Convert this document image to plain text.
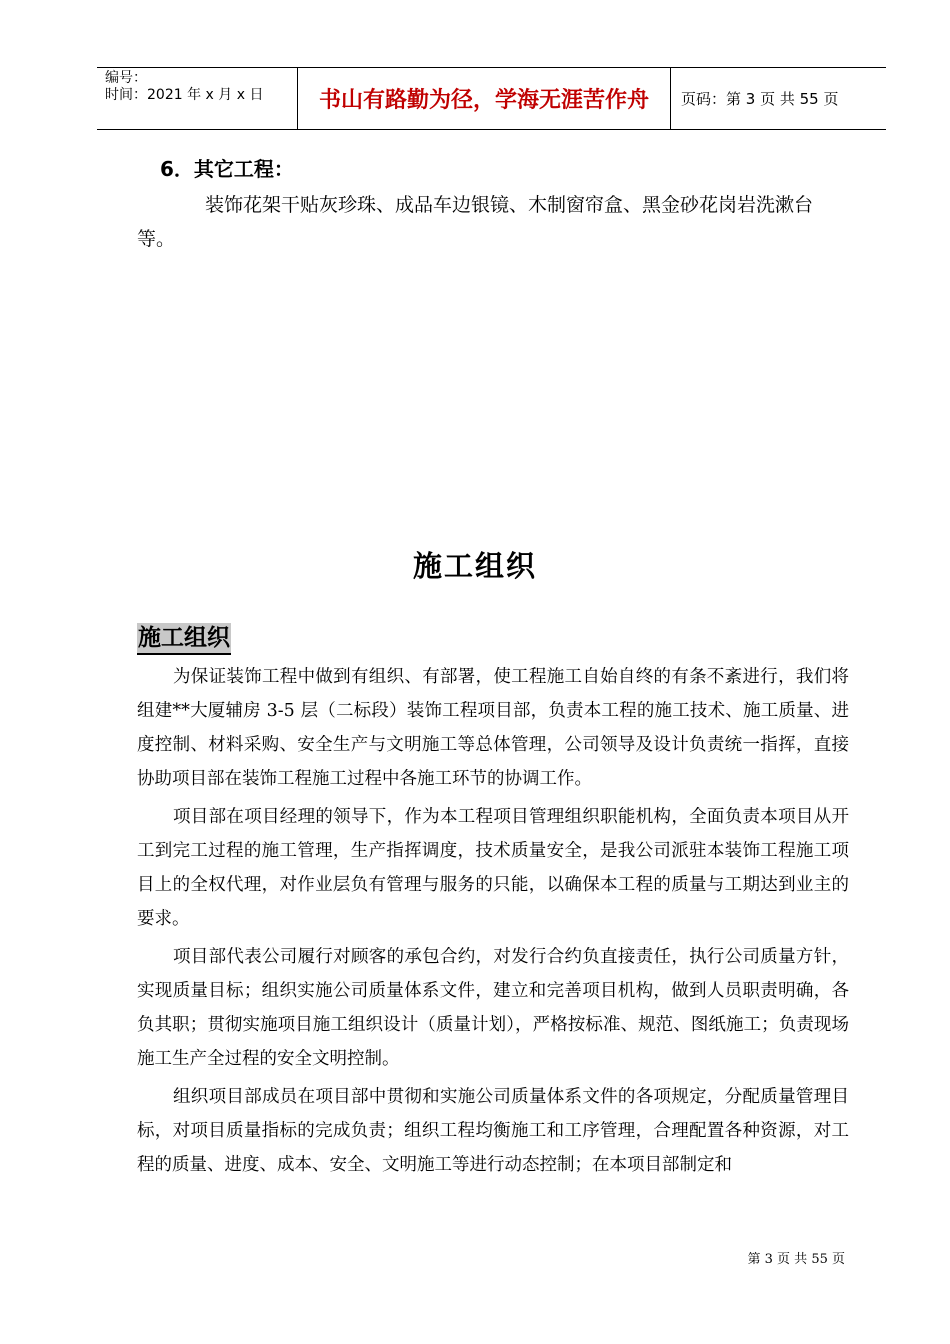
编号：
时间：2021 年 x 月 x 日	书山有路勤为径，学海无涯苦作舟	页码：第 3 页 共 55 页
6．其它工程：

装饰花架干贴灰珍珠、成品车边银镜、木制窗帘盒、黑金砂花岗岩洗漱台等。

施工组织
施工组织

为保证装饰工程中做到有组织、有部署，使工程施工自始自终的有条不紊进行，我们将组建**大厦辅房 3-5 层（二标段）装饰工程项目部，负责本工程的施工技术、施工质量、进度控制、材料采购、安全生产与文明施工等总体管理，公司领导及设计负责统一指挥，直接协助项目部在装饰工程施工过程中各施工环节的协调工作。

项目部在项目经理的领导下，作为本工程项目管理组织职能机构，全面负责本项目从开工到完工过程的施工管理，生产指挥调度，技术质量安全，是我公司派驻本装饰工程施工项目上的全权代理，对作业层负有管理与服务的只能，以确保本工程的质量与工期达到业主的要求。

项目部代表公司履行对顾客的承包合约，对发行合约负直接责任，执行公司质量方针，实现质量目标；组织实施公司质量体系文件，建立和完善项目机构，做到人员职责明确，各负其职；贯彻实施项目施工组织设计（质量计划），严格按标准、规范、图纸施工；负责现场施工生产全过程的安全文明控制。

组织项目部成员在项目部中贯彻和实施公司质量体系文件的各项规定，分配质量管理目标，对项目质量指标的完成负责；组织工程均衡施工和工序管理，合理配置各种资源，对工程的质量、进度、成本、安全、文明施工等进行动态控制；在本项目部制定和

第 3 页 共 55 页
